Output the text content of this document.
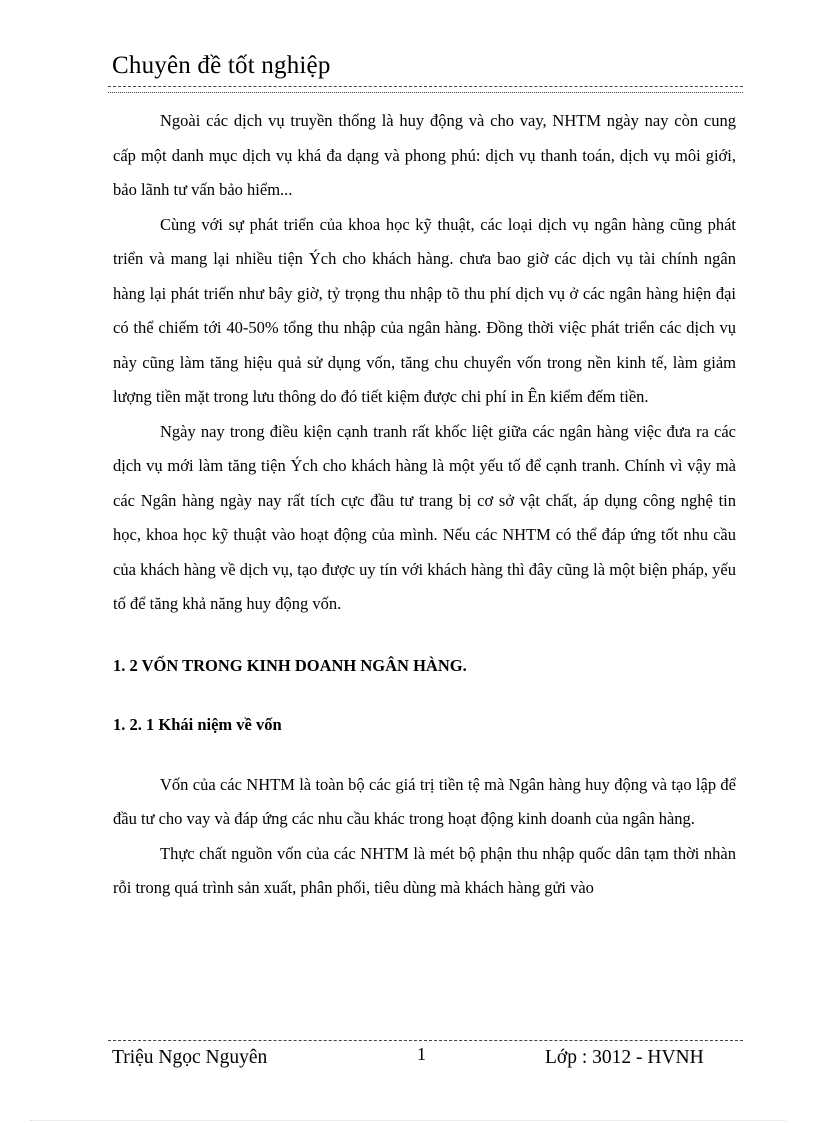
Chuyên đề tốt nghiệp

Ngoài các dịch vụ truyền thống là huy động và cho vay, NHTM ngày nay còn cung cấp một danh mục dịch vụ khá đa dạng và phong phú: dịch vụ thanh toán, dịch vụ môi giới, bảo lãnh tư vấn bảo hiểm...

Cùng với sự phát triển của khoa học kỹ thuật, các loại dịch vụ ngân hàng cũng phát triển và mang lại nhiều tiện Ých cho khách hàng. chưa bao giờ các dịch vụ tài chính ngân hàng lại phát triển như bây giờ, tỷ trọng thu nhập tõ thu phí dịch vụ ở các ngân hàng hiện đại có thể chiếm tới 40-50% tổng thu nhập của ngân hàng. Đồng thời việc phát triển các dịch vụ này cũng làm tăng hiệu quả sử dụng vốn, tăng chu chuyển vốn trong nền kinh tế, làm giảm lượng tiền mặt trong lưu thông do đó tiết kiệm được chi phí in Ên kiểm đếm tiền.

Ngày nay trong điều kiện cạnh tranh rất khốc liệt giữa các ngân hàng việc đưa ra các dịch vụ mới làm tăng tiện Ých cho khách hàng là một yếu tố để cạnh tranh. Chính vì vậy mà các Ngân hàng ngày nay rất tích cực đầu tư trang bị cơ sở vật chất, áp dụng công nghệ tin học, khoa học kỹ thuật vào hoạt động của mình. Nếu các NHTM có thể đáp ứng tốt nhu cầu của khách hàng về dịch vụ, tạo được uy tín với khách hàng thì đây cũng là một biện pháp, yếu tố để tăng khả năng huy động vốn.

1. 2 VỐN TRONG KINH DOANH NGÂN HÀNG.
1. 2. 1 Khái niệm về vốn

Vốn của các NHTM là toàn bộ các giá trị tiền tệ mà Ngân hàng huy động và tạo lập để đầu tư cho vay và đáp ứng các nhu cầu khác trong hoạt động kinh doanh của ngân hàng.

Thực chất nguồn vốn của các NHTM là mét bộ phận thu nhập quốc dân tạm thời nhàn rỗi trong quá trình sản xuất, phân phối, tiêu dùng mà khách hàng gửi vào

Triệu Ngọc Nguyên	1	Lớp : 3012 - HVNH
